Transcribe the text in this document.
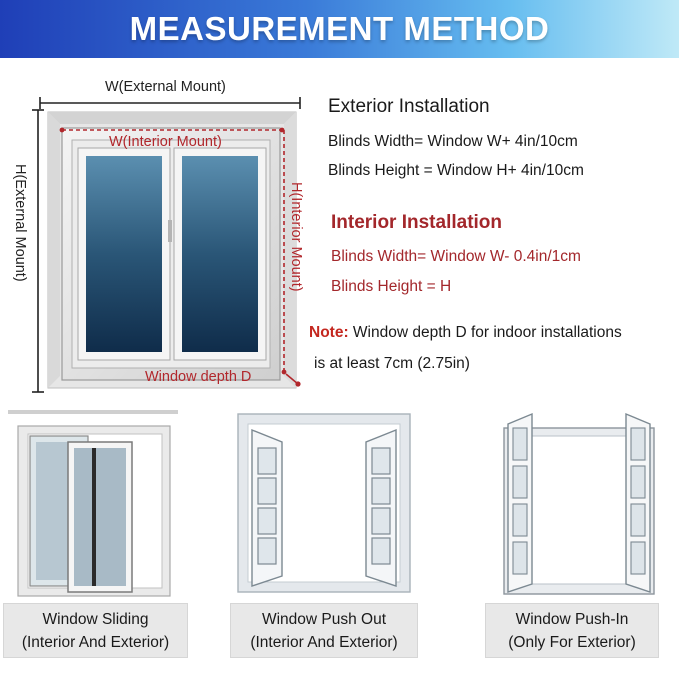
MEASUREMENT METHOD
W(External Mount)
W(Interior Mount)
H(External Mount)	H(Interior Mount)
Window depth D
Exterior Installation
Blinds Width= Window W+ 4in/10cm
Blinds Height = Window H+ 4in/10cm
Interior Installation
Blinds Width= Window W- 0.4in/1cm
Blinds Height = H
Note: Window depth D for indoor installations
is at least 7cm (2.75in)
Window Sliding
(Interior And Exterior)
Window Push Out
(Interior And Exterior)
Window Push-In
(Only For Exterior)
